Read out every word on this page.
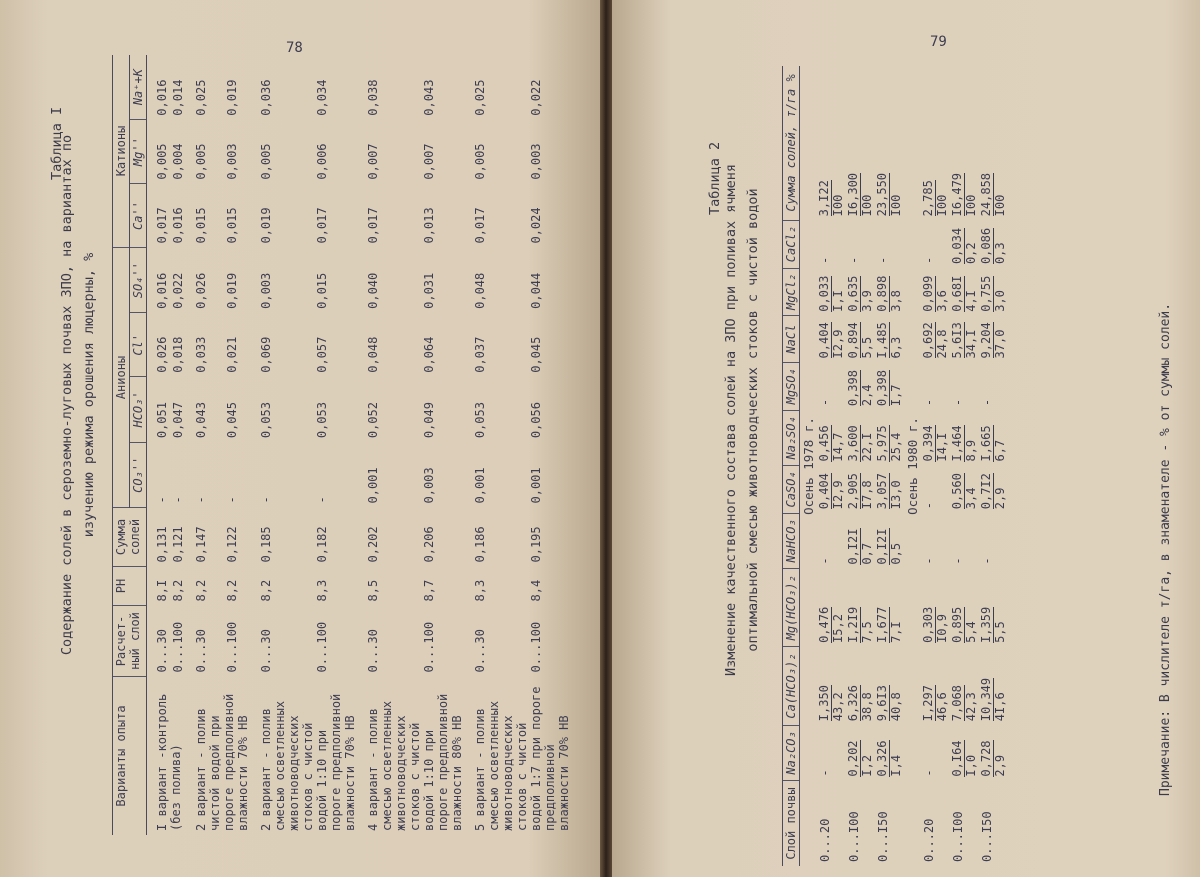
78
Таблица I
Содержание солей в сероземно-луговых почвах ЗПО, на вариантах по изучению режима орошения люцерны, %
Варианты опыта	Расчет- ный слой	PH	Сумма солей	Анионы				Катионы		
				CO₃''	HCO₃'	Cl'	SO₄''	Ca''	Mg''	Na⁺+K
I вариант -контроль (без полива)	0...30	8,I	0,131	-	0,051	0,026	0,016	0,017	0,005	0,016
	0...100	8,2	0,121	-	0,047	0,018	0,022	0,016	0,004	0,014
2 вариант - полив чистой водой при пороге предполивной влажности 70% НВ	0...30	8,2	0,147	-	0,043	0,033	0,026	0,015	0,005	0,025
	0...100	8,2	0,122	-	0,045	0,021	0,019	0,015	0,003	0,019
2 вариант - полив смесью осветленных животноводческих стоков с чистой водой 1:10 при пороге предполивной влажности 70% НВ	0...30	8,2	0,185	-	0,053	0,069	0,003	0,019	0,005	0,036
	0...100	8,3	0,182	-	0,053	0,057	0,015	0,017	0,006	0,034
4 вариант - полив смесью осветленных животноводческих стоков с чистой водой 1:10 при пороге предполивной влажности 80% НВ	0...30	8,5	0,202	0,001	0,052	0,048	0,040	0,017	0,007	0,038
	0...100	8,7	0,206	0,003	0,049	0,064	0,031	0,013	0,007	0,043
5 вариант - полив смесью осветленных животноводческих стоков с чистой водой 1:7 при пороге предполивной влажности 70% НВ	0...30	8,3	0,186	0,001	0,053	0,037	0,048	0,017	0,005	0,025
	0...100	8,4	0,195	0,001	0,056	0,045	0,044	0,024	0,003	0,022
79
Таблица 2 Изменение качественного состава солей на ЗПО при поливах ячменя оптимальной смесью животноводческих стоков с чистой водой
Слой почвы	Na₂CO₃	Ca(HCO₃)₂	Mg(HCO₃)₂	NaHCO₃	CaSO₄	Na₂SO₄	MgSO₄	NaCl	MgCl₂	CaCl₂	Сумма солей, т/га %
Осень 1978 г.											
0...20	-	I,350 43,2	0,476 I5,2	-	0,404 I2,9	0,456 I4,7	-	0,404 I2,9	0,033 I,I	-	3,I22 I00

0...I00	0,202 I,2	6,326 38,8	I,2I9 7,5	0,I2I 0,7	2,905 I7,8	3,600 22,I	0,398 2,4	0,894 5,5	0,635 3,9	-	I6,300 I00

0...I50	0,326 I,4	9,6I3 40,8	I,677 7,I	0,I2I 0,5	3,057 I3,0	5,975 25,4	0,398 I,7	I,485 6,3	0,898 3,8	-	23,550 I00

Осень 1980 г.											
0...20	-	I,297 46,6	0,303 I0,9	-	-	0,394 I4,I	-	0,692 24,8	0,099 3,6	-	2,785 I00

0...I00	0,I64 I,0	7,068 42,3	0,895 5,4	-	0,560 3,4	I,464 8,9	-	5,6I3 34,I	0,68I 4,I	0,034 0,2	I6,479 I00

0...I50	0,728 2,9	I0,349 4I,6	I,359 5,5	-	0,7I2 2,9	I,665 6,7	-	9,204 37,0	0,755 3,0	0,086 0,3	24,858 I00
Примечание: В числителе т/га, в знаменателе - % от суммы солей.
